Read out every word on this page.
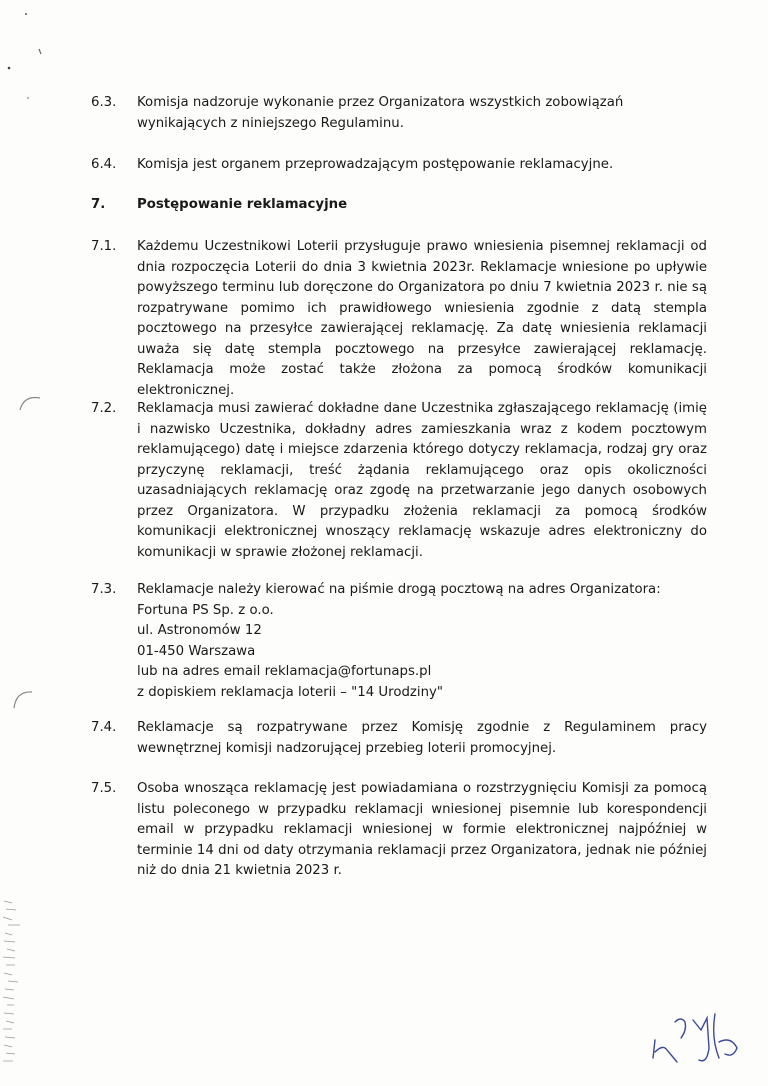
6.3.	Komisja nadzoruje wykonanie przez Organizatora wszystkich zobowiązań wynikających z niniejszego Regulaminu.
6.4.	Komisja jest organem przeprowadzającym postępowanie reklamacyjne.
7.	Postępowanie reklamacyjne
7.1.	Każdemu Uczestnikowi Loterii przysługuje prawo wniesienia pisemnej reklamacji od dnia rozpoczęcia Loterii do dnia 3 kwietnia 2023r. Reklamacje wniesione po upływie powyższego terminu lub doręczone do Organizatora po dniu 7 kwietnia 2023 r. nie są rozpatrywane pomimo ich prawidłowego wniesienia zgodnie z datą stempla pocztowego na przesyłce zawierającej reklamację. Za datę wniesienia reklamacji uważa się datę stempla pocztowego na przesyłce zawierającej reklamację. Reklamacja może zostać także złożona za pomocą środków komunikacji elektronicznej.
7.2.	Reklamacja musi zawierać dokładne dane Uczestnika zgłaszającego reklamację (imię i nazwisko Uczestnika, dokładny adres zamieszkania wraz z kodem pocztowym reklamującego) datę i miejsce zdarzenia którego dotyczy reklamacja, rodzaj gry oraz przyczynę reklamacji, treść żądania reklamującego oraz opis okoliczności uzasadniających reklamację oraz zgodę na przetwarzanie jego danych osobowych przez Organizatora. W przypadku złożenia reklamacji za pomocą środków komunikacji elektronicznej wnoszący reklamację wskazuje adres elektroniczny do komunikacji w sprawie złożonej reklamacji.
7.3.	Reklamacje należy kierować na piśmie drogą pocztową na adres Organizatora:
Fortuna PS Sp. z o.o.
ul. Astronomów 12
01-450 Warszawa
lub na adres email reklamacja@fortunaps.pl
z dopiskiem reklamacja loterii – "14 Urodziny"
7.4.	Reklamacje są rozpatrywane przez Komisję zgodnie z Regulaminem pracy wewnętrznej komisji nadzorującej przebieg loterii promocyjnej.
7.5.	Osoba wnosząca reklamację jest powiadamiana o rozstrzygnięciu Komisji za pomocą listu poleconego w przypadku reklamacji wniesionej pisemnie lub korespondencji email w przypadku reklamacji wniesionej w formie elektronicznej najpóźniej w terminie 14 dni od daty otrzymania reklamacji przez Organizatora, jednak nie później niż do dnia 21 kwietnia 2023 r.
